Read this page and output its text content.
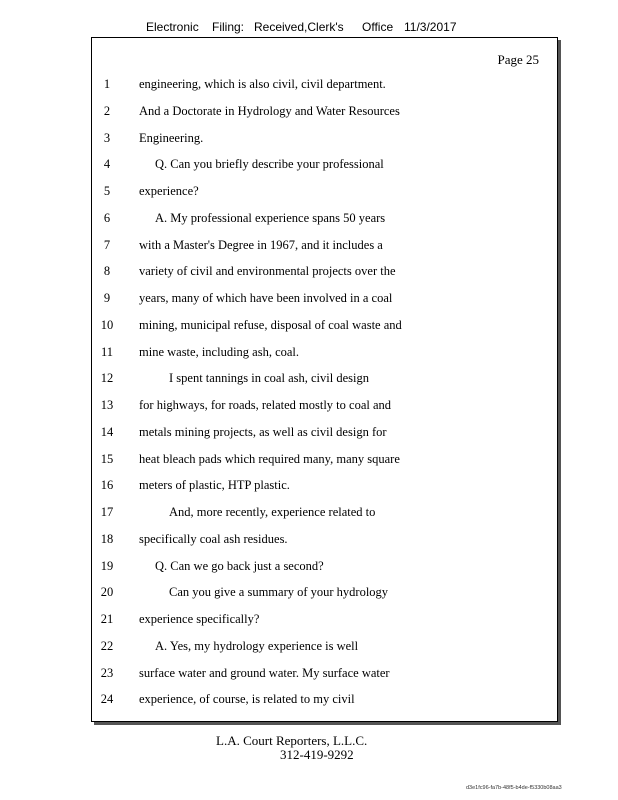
Electronic

Filing:

Received,Clerk's

Office

11/3/2017

Page 25
1	engineering, which is also civil, civil department.
2	And a Doctorate in Hydrology and Water Resources
3	Engineering.
4	Q. Can you briefly describe your professional
5	experience?
6	A. My professional experience spans 50 years
7	with a Master's Degree in 1967, and it includes a
8	variety of civil and environmental projects over the
9	years, many of which have been involved in a coal
10	mining, municipal refuse, disposal of coal waste and
11	mine waste, including ash, coal.
12	I spent tannings in coal ash, civil design
13	for highways, for roads, related mostly to coal and
14	metals mining projects, as well as civil design for
15	heat bleach pads which required many, many square
16	meters of plastic, HTP plastic.
17	And, more recently, experience related to
18	specifically coal ash residues.
19	Q. Can we go back just a second?
20	Can you give a summary of your hydrology
21	experience specifically?
22	A. Yes, my hydrology experience is well
23	surface water and ground water. My surface water
24	experience, of course, is related to my civil
L.A. Court Reporters, L.L.C.
312-419-9292
d3e1fc96-fa7b-48f5-b4de-f5330b08aa3
